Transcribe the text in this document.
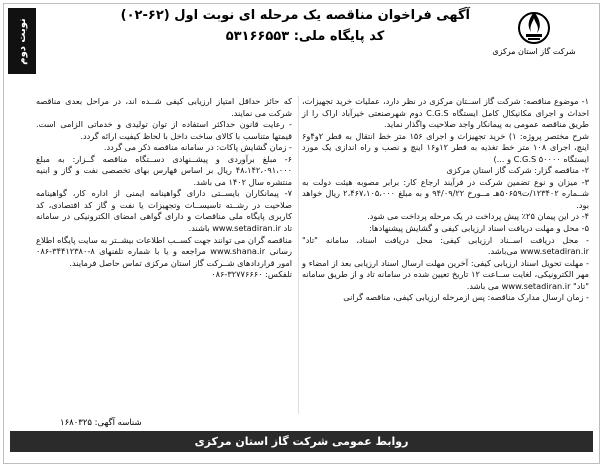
نوبت دوم
آگهی فراخوان مناقصه یک مرحله ای نوبت اول (۶۲-۰۲)
کد پایگاه ملی: ۵۳۱۶۶۵۵۳
شرکت گاز استان مرکزی

۱- موضوع مناقصه: شرکت گاز اســتان مرکزی در نظر دارد، عملیات خرید تجهیزات، احداث و اجرای مکانیکال کامل ایستگاه C.G.S دوم شهرصنعتی خیرآباد اراک را از طریق مناقصه عمومی به پیمانکار واجد صلاحیت واگذار نماید.

شرح مختصر پروژه: ۱) خرید تجهیزات و اجرای ۱۵۶ متر خط انتقال به قطر ۲و۴و۶ اینچ، اجرای ۱۰۸ متر خط تغذیه به قطر ۱۲و۱۶ اینچ و نصب و راه اندازی یک مورد ایستگاه ۵۰۰۰۰ C.G.S و ...)

۲- مناقصه گزار: شرکت گاز استان مرکزی

۳- میزان و نوع تضمین شرکت در فرآیند ارجاع کار: برابر مصوبه هیئت دولت به شــماره ۱۲۳۴۰۲/ت۵۰۶۵۹هـ مــورخ ۹۴/۰۹/۲۲ و به مبلغ ۲،۴۶۷،۱۰۵،۰۰۰ ریال خواهد بود.

۴- در این پیمان ۲۵٪ پیش پرداخت در یک مرحله پرداخت می شود.

۵- محل و مهلت دریافت اسناد ارزیابی کیفی و گشایش پیشنهادها:

- محل دریافت اســناد ارزیابی کیفی: محل دریافت اسناد، سامانه "تاد" www.setadiran.ir می‌باشد.

- مهلت تحویل اسناد ارزیابی کیفی: آخرین مهلت ارسال اسناد ارزیابی بعد از امضاء و مهر الکترونیکی، لغایت ســاعت ۱۲ تاریخ تعیین شده در سامانه تاد و از طریق سامانه "تاد" www.setadiran.ir می باشد.

- زمان ارسال مدارک مناقصه: پس ازمرحله ارزیابی کیفی، مناقصه گرانی

که حائز حداقل امتیاز ارزیابی کیفی شــده اند، در مراحل بعدی مناقصه شرکت می نمایند.

- رعایت قانون حداکثر استفاده از توان تولیدی و خدماتی الزامی است. قیمتها متناسب با کالای ساخت داخل با لحاظ کیفیت ارائه گردد.

- زمان گشایش پاکات: در سامانه مناقصه ذکر می گردد.

۶- مبلغ برآوردی و پیشــنهادی دســتگاه مناقصه گــزار: به مبلغ ۴۸،۱۴۲،۰۹۱،۰۰۰ ریال بر اساس فهارس بهای تخصصی نفت و گاز و ابنیه منتشره سال ۱۴۰۲ می باشد.

۷- پیمانکاران بایســتی دارای گواهینامه ایمنی از اداره کار، گواهینامه صلاحیت در رشــته تاسیســات وتجهیزات یا نفت و گاز کد اقتصادی، کد کاربری پایگاه ملی مناقصات و دارای گواهی امضای الکترونیکی در سامانه تاد www.setadiran.ir باشند.

مناقصه گران می توانند جهت کســب اطلاعات بیشــتر به سایت پایگاه اطلاع رسانی www.shana.ir مراجعه و یا با شماره تلفنهای ۸-۳۴۴۱۲۳۸۰-۰۸۶ امور قراردادهای شــرکت گاز استان مرکزی تماس حاصل فرمایند.

تلفکس: ۳۲۷۷۶۶۶۰-۰۸۶

شناسه آگهی: ۱۶۸۰۳۲۵
روابط عمومی شرکت گاز استان مرکزی
